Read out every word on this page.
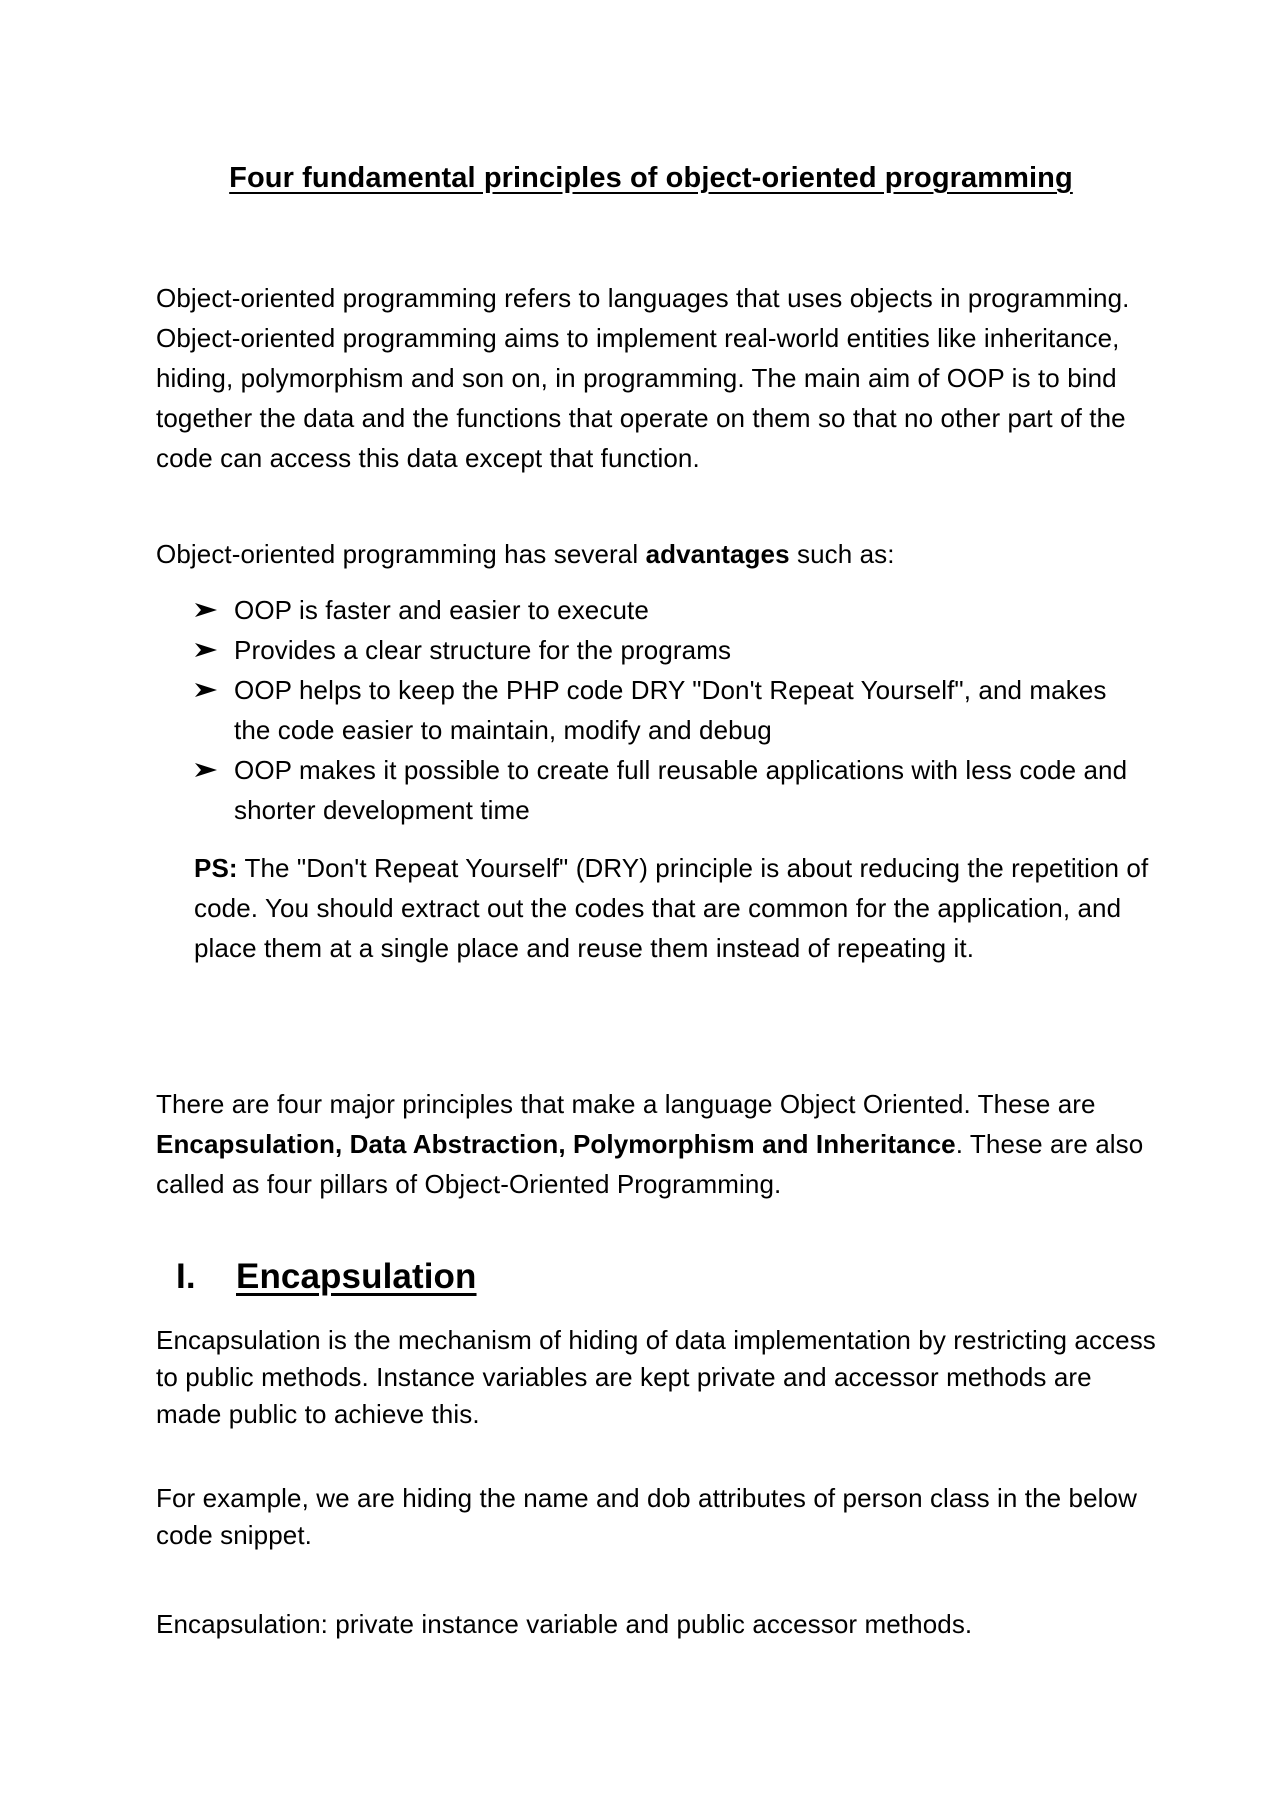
Four fundamental principles of object-oriented programming

Object-oriented programming refers to languages that uses objects in programming. Object-oriented programming aims to implement real-world entities like inheritance, hiding, polymorphism and son on, in programming. The main aim of OOP is to bind together the data and the functions that operate on them so that no other part of the code can access this data except that function.

Object-oriented programming has several advantages such as:

OOP is faster and easier to execute
Provides a clear structure for the programs
OOP helps to keep the PHP code DRY "Don't Repeat Yourself", and makes the code easier to maintain, modify and debug
OOP makes it possible to create full reusable applications with less code and shorter development time

PS: The "Don't Repeat Yourself" (DRY) principle is about reducing the repetition of code. You should extract out the codes that are common for the application, and place them at a single place and reuse them instead of repeating it.

There are four major principles that make a language Object Oriented. These are Encapsulation, Data Abstraction, Polymorphism and Inheritance. These are also called as four pillars of Object-Oriented Programming.

I. Encapsulation

Encapsulation is the mechanism of hiding of data implementation by restricting access to public methods. Instance variables are kept private and accessor methods are made public to achieve this.

For example, we are hiding the name and dob attributes of person class in the below code snippet.

Encapsulation: private instance variable and public accessor methods.
